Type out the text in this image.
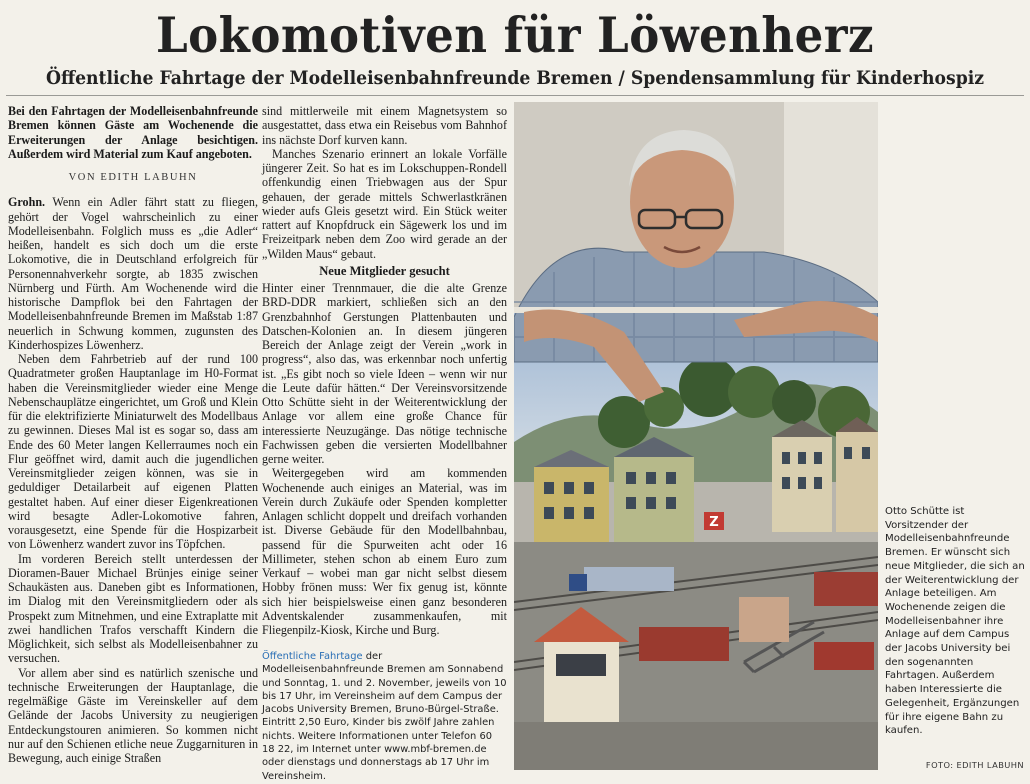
Lokomotiven für Löwenherz
Öffentliche Fahrtage der Modelleisenbahnfreunde Bremen / Spendensammlung für Kinderhospiz

Bei den Fahrtagen der Modelleisenbahnfreunde Bremen können Gäste am Wochenende die Erweiterungen der Anlage besichtigen. Außerdem wird Material zum Kauf angeboten.

VON EDITH LABUHN

Grohn. Wenn ein Adler fährt statt zu fliegen, gehört der Vogel wahrscheinlich zu einer Modelleisenbahn. Folglich muss es „die Adler“ heißen, handelt es sich doch um die erste Lokomotive, die in Deutschland erfolgreich für Personennahverkehr sorgte, ab 1835 zwischen Nürnberg und Fürth. Am Wochenende wird die historische Dampflok bei den Fahrtagen der Modelleisenbahnfreunde Bremen im Maßstab 1:87 neuerlich in Schwung kommen, zugunsten des Kinderhospizes Löwenherz.

Neben dem Fahrbetrieb auf der rund 100 Quadratmeter großen Hauptanlage im H0-Format haben die Vereinsmitglieder wieder eine Menge Nebenschauplätze eingerichtet, um Groß und Klein für die elektrifizierte Miniaturwelt des Modellbaus zu gewinnen. Dieses Mal ist es sogar so, dass am Ende des 60 Meter langen Kellerraumes noch ein Flur geöffnet wird, damit auch die jugendlichen Vereinsmitglieder zeigen können, was sie in geduldiger Detailarbeit auf eigenen Platten gestaltet haben. Auf einer dieser Eigenkreationen wird besagte Adler-Lokomotive fahren, vorausgesetzt, eine Spende für die Hospizarbeit von Löwenherz wandert zuvor ins Töpfchen.

Im vorderen Bereich stellt unterdessen der Dioramen-Bauer Michael Brünjes einige seiner Schaukästen aus. Daneben gibt es Informationen, im Dialog mit den Vereinsmitgliedern oder als Prospekt zum Mitnehmen, und eine Extraplatte mit zwei handlichen Trafos verschafft Kindern die Möglichkeit, sich selbst als Modelleisenbahner zu versuchen.

Vor allem aber sind es natürlich szenische und technische Erweiterungen der Hauptanlage, die regelmäßige Gäste im Vereinskeller auf dem Gelände der Jacobs University zu neugierigen Entdeckungstouren animieren. So kommen nicht nur auf den Schienen etliche neue Zuggarnituren in Bewegung, auch einige Straßen

sind mittlerweile mit einem Magnetsystem so ausgestattet, dass etwa ein Reisebus vom Bahnhof ins nächste Dorf kurven kann.

Manches Szenario erinnert an lokale Vorfälle jüngerer Zeit. So hat es im Lokschuppen-Rondell offenkundig einen Triebwagen aus der Spur gehauen, der gerade mittels Schwerlastkränen wieder aufs Gleis gesetzt wird. Ein Stück weiter rattert auf Knopfdruck ein Sägewerk los und im Freizeitpark neben dem Zoo wird gerade an der „Wilden Maus“ gebaut.

Neue Mitglieder gesucht

Hinter einer Trennmauer, die die alte Grenze BRD-DDR markiert, schließen sich an den Grenzbahnhof Gerstungen Plattenbauten und Datschen-Kolonien an. In diesem jüngeren Bereich der Anlage zeigt der Verein „work in progress“, also das, was erkennbar noch unfertig ist. „Es gibt noch so viele Ideen – wenn wir nur die Leute dafür hätten.“ Der Vereinsvorsitzende Otto Schütte sieht in der Weiterentwicklung der Anlage vor allem eine große Chance für interessierte Neuzugänge. Das nötige technische Fachwissen geben die versierten Modellbahner gerne weiter.

Weitergegeben wird am kommenden Wochenende auch einiges an Material, was im Verein durch Zukäufe oder Spenden kompletter Anlagen schlicht doppelt und dreifach vorhanden ist. Diverse Gebäude für den Modellbahnbau, passend für die Spurweiten acht oder 16 Millimeter, stehen schon ab einem Euro zum Verkauf – wobei man gar nicht selbst diesem Hobby frönen muss: Wer fix genug ist, könnte sich hier beispielsweise einen ganz besonderen Adventskalender zusammenkaufen, mit Fliegenpilz-Kiosk, Kirche und Burg.

Öffentliche Fahrtage der Modelleisenbahnfreunde Bremen am Sonnabend und Sonntag, 1. und 2. November, jeweils von 10 bis 17 Uhr, im Vereinsheim auf dem Campus der Jacobs University Bremen, Bruno-Bürgel-Straße. Eintritt 2,50 Euro, Kinder bis zwölf Jahre zahlen nichts. Weitere Informationen unter Telefon 60 18 22, im Internet unter www.mbf-bremen.de oder dienstags und donnerstags ab 17 Uhr im Vereinsheim.
Z
Otto Schütte ist Vorsitzender der Modelleisenbahnfreunde Bremen. Er wünscht sich neue Mitglieder, die sich an der Weiterentwicklung der Anlage beteiligen. Am Wochenende zeigen die Modelleisenbahner ihre Anlage auf dem Campus der Jacobs University bei den sogenannten Fahrtagen. Außerdem haben Interessierte die Gelegenheit, Ergänzungen für ihre eigene Bahn zu kaufen.
FOTO: EDITH LABUHN
